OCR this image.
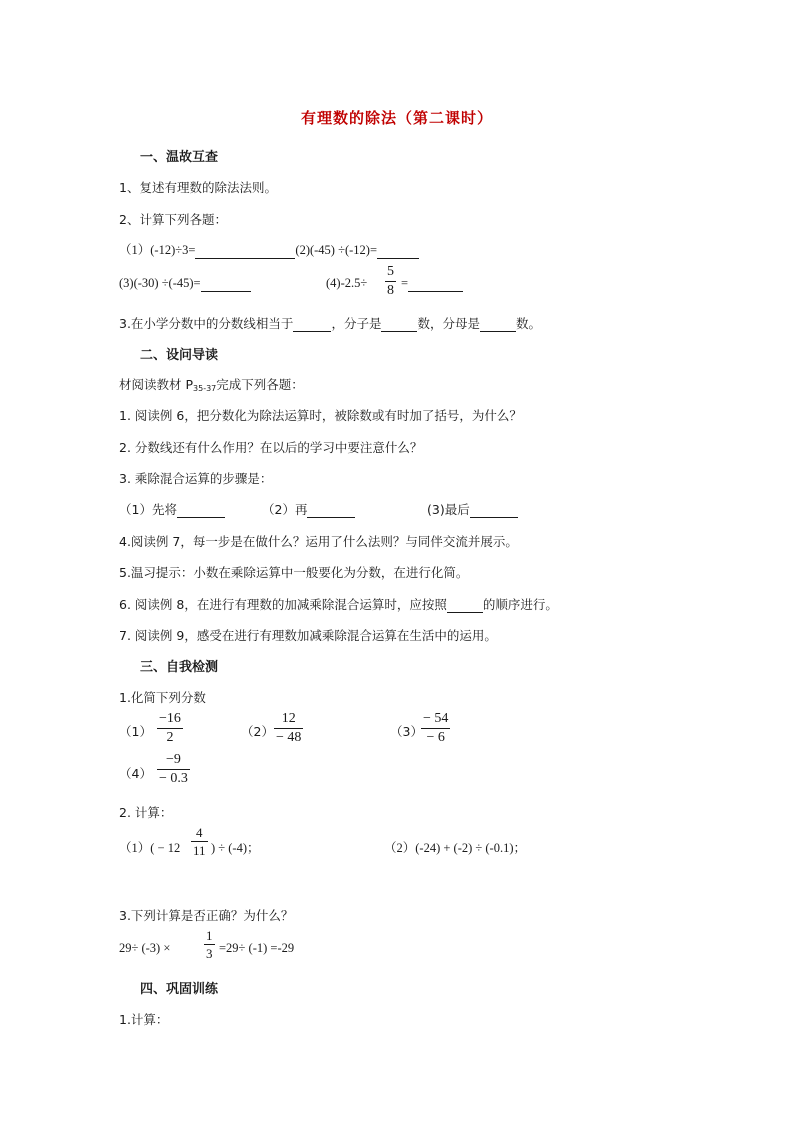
有理数的除法（第二课时）
一、温故互查
1、复述有理数的除法法则。
2、计算下列各题：
（1）(-12)÷3=	(2)(-45) ÷(-12)=
(3)(-30) ÷(-45)=	(4)-2.5÷
5
8 =
3.在小学分数中的分数线相当于	，分子是	数，分母是	数。
二、设问导读
材阅读教材 $P_{35-37}$完成下列各题：
1. 阅读例 6，把分数化为除法运算时，被除数或有时加了括号，为什么？
2. 分数线还有什么作用？在以后的学习中要注意什么？
3. 乘除混合运算的步骤是：
（1）先将	（2）再	(3)最后
4.阅读例 7，每一步是在做什么？运用了什么法则？与同伴交流并展示。
5.温习提示：小数在乘除运算中一般要化为分数，在进行化简。
6. 阅读例 8，在进行有理数的加减乘除混合运算时，应按照	的顺序进行。
7. 阅读例 9，感受在进行有理数加减乘除混合运算在生活中的运用。
三、自我检测
1.化简下列分数
（1）
−16
2	（2）
12
− 48	（3）
− 54
− 6
（4）
−9
− 0.3
2. 计算：
（1）( − 12
4
11 ) ÷ (-4)；	（2）(-24) + (-2) ÷ (-0.1)；
3.下列计算是否正确？为什么？
29÷ (-3) ×
1
3 =29÷ (-1) =-29
四、巩固训练
1.计算：
